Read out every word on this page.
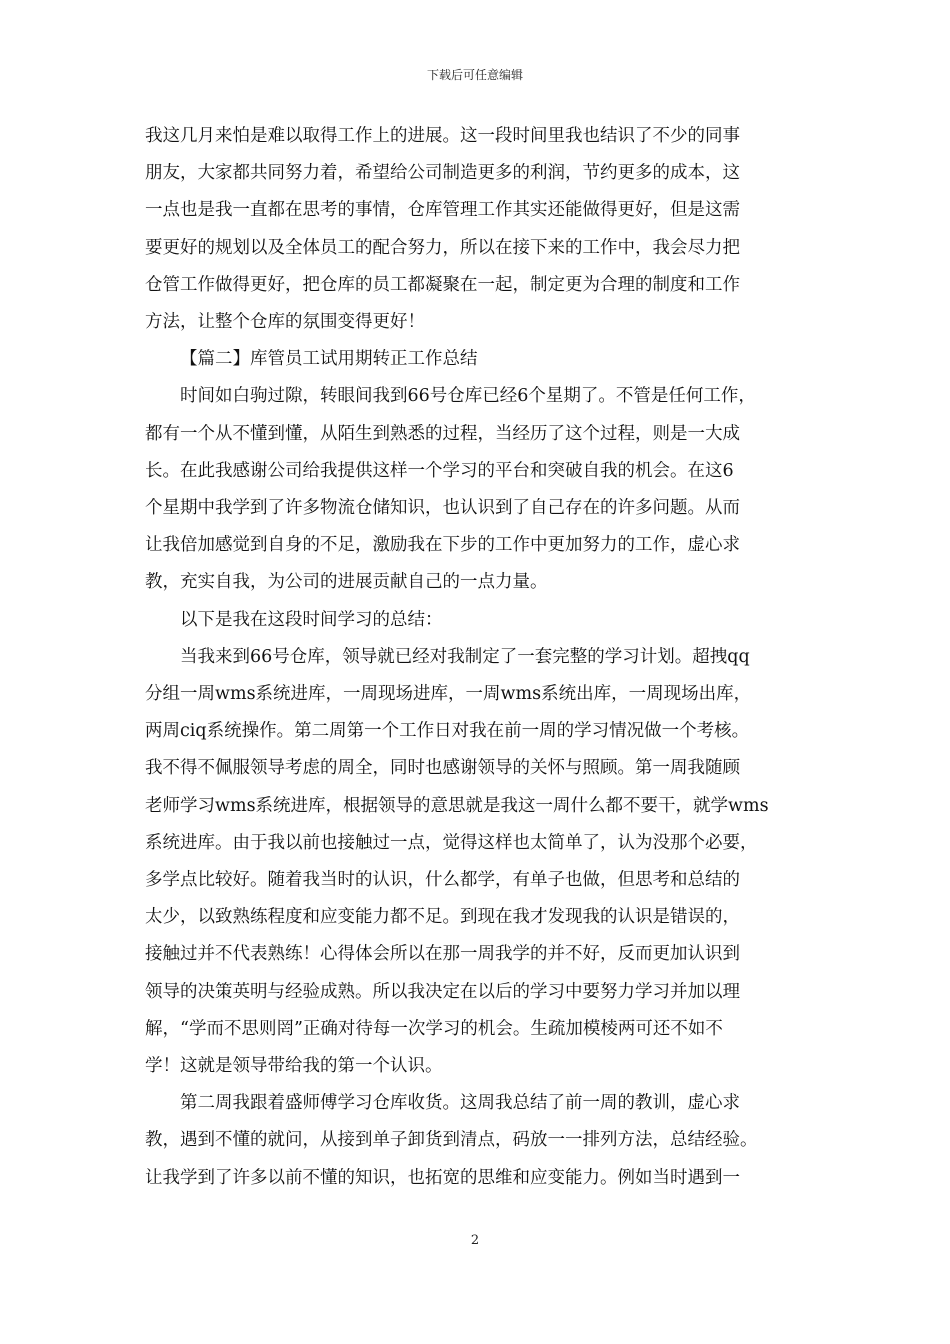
下载后可任意编辑

我这几月来怕是难以取得工作上的进展。这一段时间里我也结识了不少的同事

朋友，大家都共同努力着，希望给公司制造更多的利润，节约更多的成本，这

一点也是我一直都在思考的事情，仓库管理工作其实还能做得更好，但是这需

要更好的规划以及全体员工的配合努力，所以在接下来的工作中，我会尽力把

仓管工作做得更好，把仓库的员工都凝聚在一起，制定更为合理的制度和工作

方法，让整个仓库的氛围变得更好！

【篇二】库管员工试用期转正工作总结

时间如白驹过隙，转眼间我到66号仓库已经6个星期了。不管是任何工作，

都有一个从不懂到懂，从陌生到熟悉的过程，当经历了这个过程，则是一大成

长。在此我感谢公司给我提供这样一个学习的平台和突破自我的机会。在这6

个星期中我学到了许多物流仓储知识，也认识到了自己存在的许多问题。从而

让我倍加感觉到自身的不足，激励我在下步的工作中更加努力的工作，虚心求

教，充实自我，为公司的进展贡献自己的一点力量。

以下是我在这段时间学习的总结：

当我来到66号仓库，领导就已经对我制定了一套完整的学习计划。超拽qq

分组一周wms系统进库，一周现场进库，一周wms系统出库，一周现场出库，

两周ciq系统操作。第二周第一个工作日对我在前一周的学习情况做一个考核。

我不得不佩服领导考虑的周全，同时也感谢领导的关怀与照顾。第一周我随顾

老师学习wms系统进库，根据领导的意思就是我这一周什么都不要干，就学wms

系统进库。由于我以前也接触过一点，觉得这样也太简单了，认为没那个必要，

多学点比较好。随着我当时的认识，什么都学，有单子也做，但思考和总结的

太少，以致熟练程度和应变能力都不足。到现在我才发现我的认识是错误的，

接触过并不代表熟练！心得体会所以在那一周我学的并不好，反而更加认识到

领导的决策英明与经验成熟。所以我决定在以后的学习中要努力学习并加以理

解，“学而不思则罔”正确对待每一次学习的机会。生疏加模棱两可还不如不

学！这就是领导带给我的第一个认识。

第二周我跟着盛师傅学习仓库收货。这周我总结了前一周的教训，虚心求

教，遇到不懂的就问，从接到单子卸货到清点，码放一一排列方法，总结经验。

让我学到了许多以前不懂的知识，也拓宽的思维和应变能力。例如当时遇到一

2
